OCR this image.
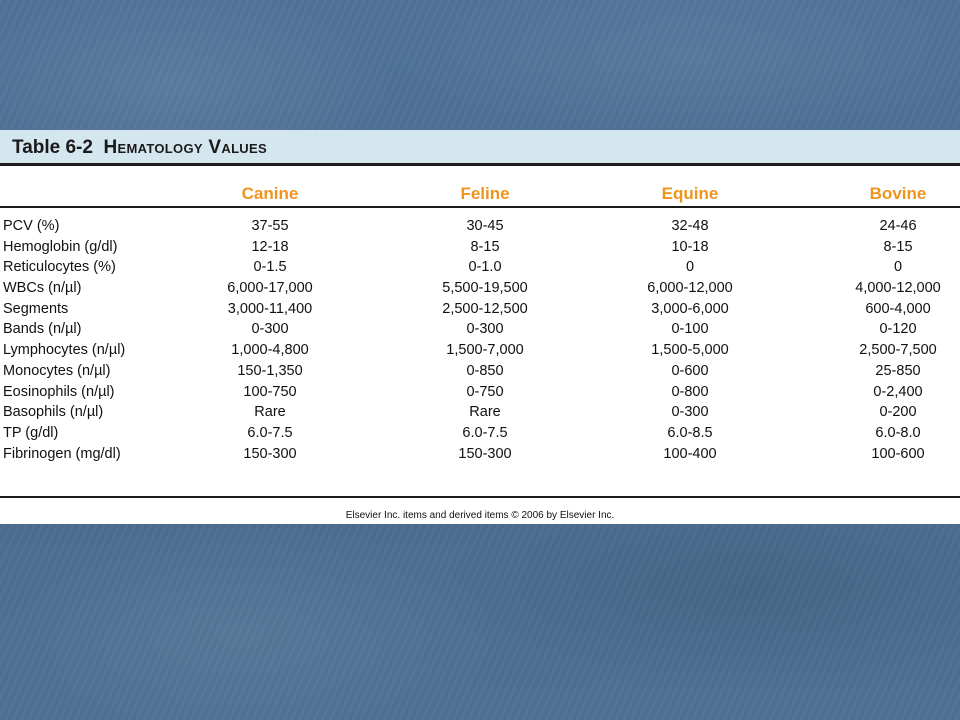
Table 6-2 Hematology Values
Canine	Feline	Equine	Bovine
PCV (%)	37-55	30-45	32-48	24-46
Hemoglobin (g/dl)	12-18	8-15	10-18	8-15
Reticulocytes (%)	0-1.5	0-1.0	0	0
WBCs (n/µl)	6,000-17,000	5,500-19,500	6,000-12,000	4,000-12,000
Segments	3,000-11,400	2,500-12,500	3,000-6,000	600-4,000
Bands (n/µl)	0-300	0-300	0-100	0-120
Lymphocytes (n/µl)	1,000-4,800	1,500-7,000	1,500-5,000	2,500-7,500
Monocytes (n/µl)	150-1,350	0-850	0-600	25-850
Eosinophils (n/µl)	100-750	0-750	0-800	0-2,400
Basophils (n/µl)	Rare	Rare	0-300	0-200
TP (g/dl)	6.0-7.5	6.0-7.5	6.0-8.5	6.0-8.0
Fibrinogen (mg/dl)	150-300	150-300	100-400	100-600
Elsevier Inc. items and derived items © 2006 by Elsevier Inc.
